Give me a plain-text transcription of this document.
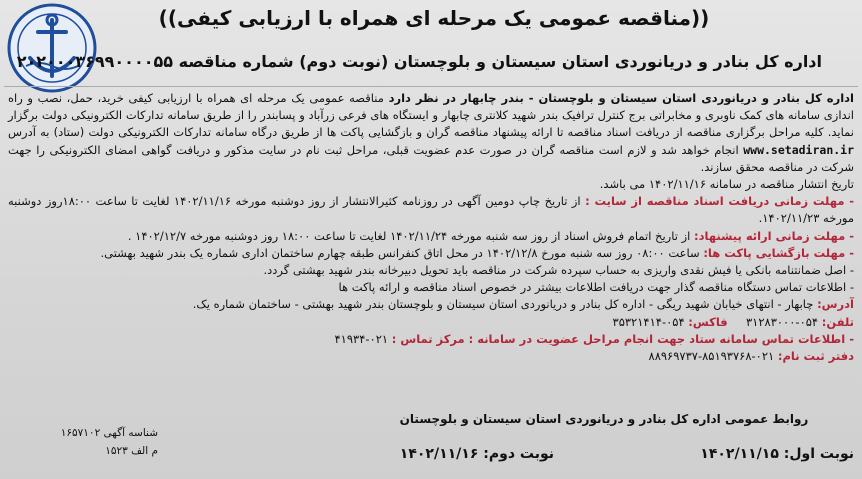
((مناقصه عمومی یک مرحله ای همراه با ارزیابی کیفی))
اداره کل بنادر و دریانوردی استان سیستان و بلوچستان (نوبت دوم) شماره مناقصه ۲۰۲۰۰۰۳۶۹۹۰۰۰۰۵۵

اداره کل بنادر و دریانوردی استان سیستان و بلوچستان - بندر چابهار در نظر دارد مناقصه عمومی یک مرحله ای همراه با ارزیابی کیفی خرید، حمل، نصب و راه اندازی سامانه های کمک ناوبری و مخابراتی برج کنترل ترافیک بندر شهید کلانتری چابهار و ایستگاه های فرعی زرآباد و پسابندر را از طریق سامانه تدارکات الکترونیکی دولت برگزار نماید. کلیه مراحل برگزاری مناقصه از دریافت اسناد مناقصه تا ارائه پیشنهاد مناقصه گران و بازگشایی پاکت ها از طریق درگاه سامانه تدارکات الکترونیکی دولت (ستاد) به آدرس www.setadiran.ir انجام خواهد شد و لازم است مناقصه گران در صورت عدم عضویت قبلی، مراحل ثبت نام در سایت مذکور و دریافت گواهی امضای الکترونیکی را جهت شرکت در مناقصه محقق سازند.

تاریخ انتشار مناقصه در سامانه ۱۴۰۲/۱۱/۱۶ می باشد.

- مهلت زمانی دریافت اسناد مناقصه از سایت : از تاریخ چاپ دومین آگهی در روزنامه کثیرالانتشار از روز دوشنبه مورخه ۱۴۰۲/۱۱/۱۶ لغایت تا ساعت ۱۸:۰۰روز دوشنبه مورخه ۱۴۰۲/۱۱/۲۳.

- مهلت زمانی ارائه پیشنهاد: از تاریخ اتمام فروش اسناد از روز سه شنبه مورخه ۱۴۰۲/۱۱/۲۴ لغایت تا ساعت ۱۸:۰۰ روز دوشنبه مورخه ۱۴۰۲/۱۲/۷ .

- مهلت بازگشایی پاکت ها: ساعت ۰۸:۰۰ روز سه شنبه مورخ ۱۴۰۲/۱۲/۸ در محل اتاق کنفرانس طبقه چهارم ساختمان اداری شماره یک بندر شهید بهشتی.

- اصل ضمانتنامه بانکی یا فیش نقدی واریزی به حساب سپرده شرکت در مناقصه باید تحویل دبیرخانه بندر شهید بهشتی گردد.

- اطلاعات تماس دستگاه مناقصه گذار جهت دریافت اطلاعات بیشتر در خصوص اسناد مناقصه و ارائه پاکت ها

آدرس: چابهار - انتهای خیابان شهید ریگی - اداره کل بنادر و دریانوردی استان سیستان و بلوچستان بندر شهید بهشتی - ساختمان شماره یک.

تلفن: ۰۵۴-۳۱۲۸۳۰۰۰     فاکس: ۰۵۴-۳۵۳۲۱۴۱۴

- اطلاعات تماس سامانه ستاد جهت انجام مراحل عضویت در سامانه : مرکز تماس : ۰۲۱-۴۱۹۳۴

دفتر ثبت نام: ۰۲۱-۸۵۱۹۳۷۶۸-۸۸۹۶۹۷۳۷

روابط عمومی اداره کل بنادر و دریانوردی استان سیستان و بلوچستان
نوبت اول: ۱۴۰۲/۱۱/۱۵
نوبت دوم: ۱۴۰۲/۱۱/۱۶
شناسه آگهی ۱۶۵۷۱۰۲
م الف ۱۵۲۳
